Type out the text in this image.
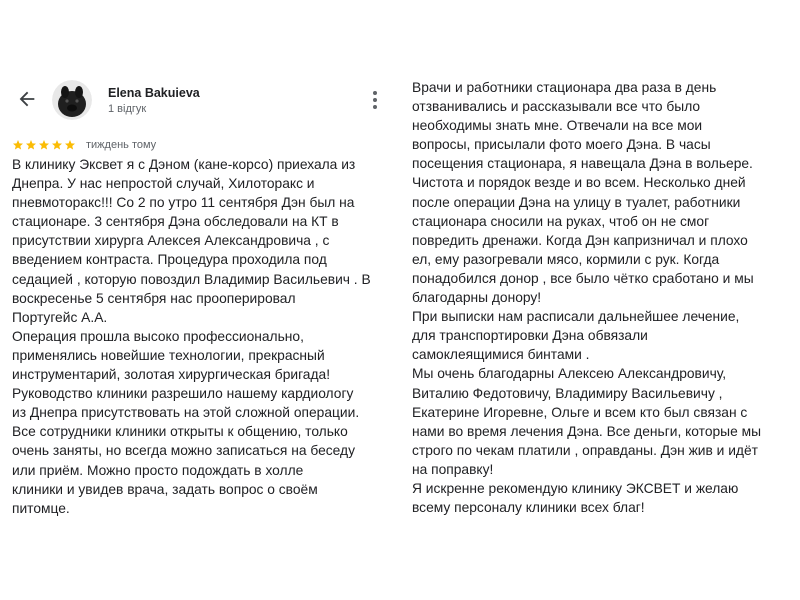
Elena Bakuieva
1 відгук
тиждень тому
В клинику Эксвет я с Дэном (кане-корсо) приехала из
Днепра. У нас непростой случай, Хилоторакс и
пневмоторакс!!! Со 2 по утро 11 сентября Дэн был на
стационаре. 3 сентября Дэна обследовали на КТ в
присутствии хирурга Алексея Александровича , с
введением контраста. Процедура проходила под
седацией , которую повоздил Владимир Васильевич . В
воскресенье 5 сентября нас прооперировал
Португейс А.А.
Операция прошла высоко профессионально,
применялись новейшие технологии, прекрасный
инструментарий, золотая хирургическая бригада!
Руководство клиники разрешило нашему кардиологу
из Днепра присутствовать на этой сложной операции.
Все сотрудники клиники открыты к общению, только
очень заняты, но всегда можно записаться на беседу
или приём. Можно просто подождать в холле
клиники и увидев врача, задать вопрос о своём
питомце.
Врачи и работники стационара два раза в день
отзванивались и рассказывали все что было
необходимы знать мне. Отвечали на все мои
вопросы, присылали фото моего Дэна. В часы
посещения стационара, я навещала Дэна в вольере.
Чистота и порядок везде и во всем. Несколько дней
после операции Дэна на улицу в туалет, работники
стационара сносили на руках, чтоб он не смог
повредить дренажи. Когда Дэн капризничал и плохо
ел, ему разогревали мясо, кормили с рук. Когда
понадобился донор , все было чётко сработано и мы
благодарны донору!
При выписки нам расписали дальнейшее лечение,
для транспортировки Дэна обвязали
самоклеящимися бинтами .
Мы очень благодарны Алексею Александровичу,
Виталию Федотовичу, Владимиру Васильевичу ,
Екатерине Игоревне, Ольге и всем кто был связан с
нами во время лечения Дэна. Все деньги, которые мы
строго по чекам платили , оправданы. Дэн жив и идёт
на поправку!
Я искренне рекомендую клинику ЭКСВЕТ и желаю
всему персоналу клиники всех благ!
